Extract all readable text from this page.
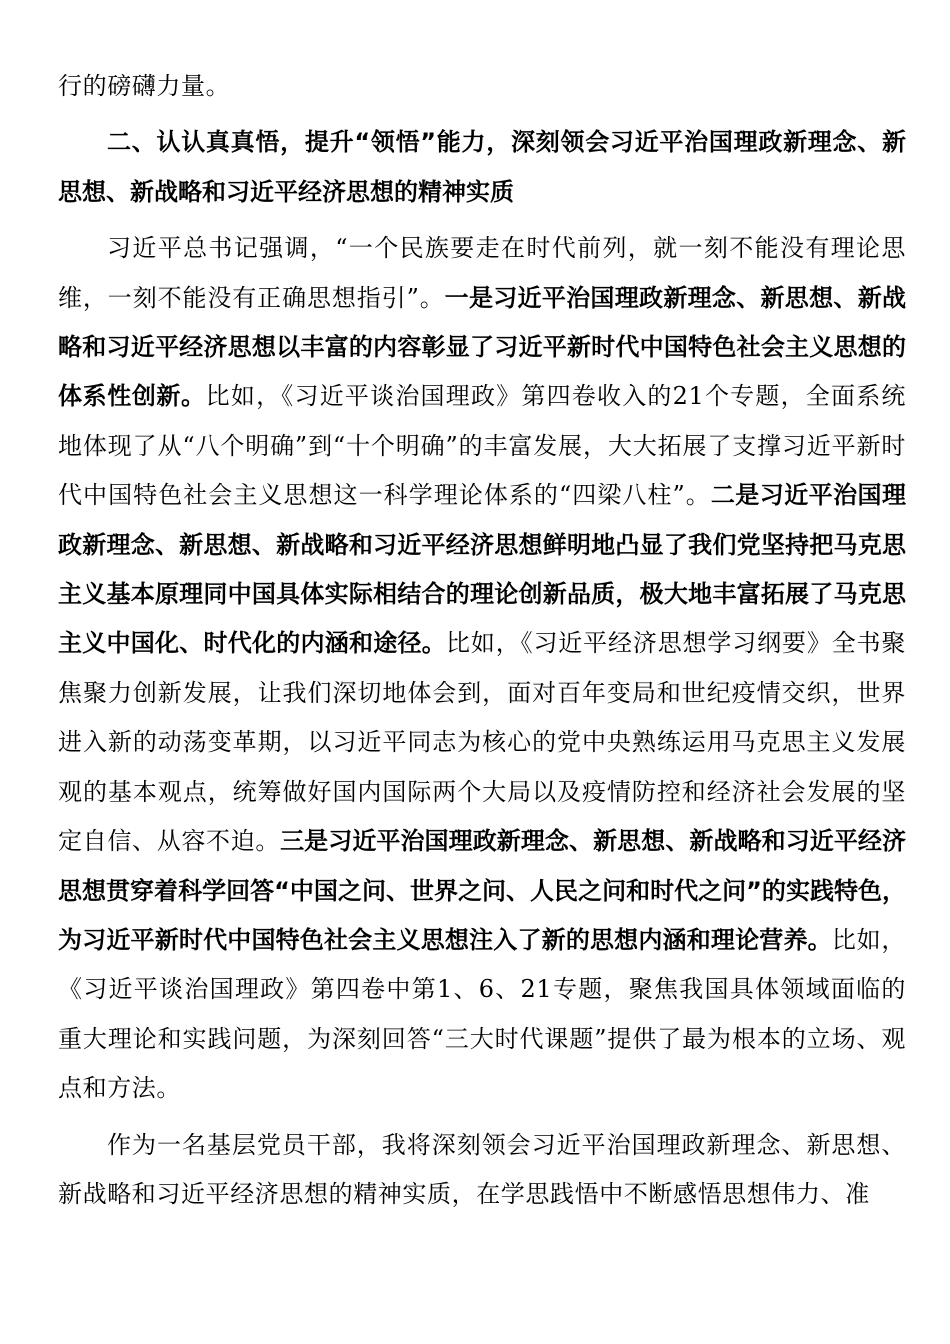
行的磅礴力量。

二、认认真真悟，提升“领悟”能力，深刻领会习近平治国理政新理念、新思想、新战略和习近平经济思想的精神实质

习近平总书记强调，“一个民族要走在时代前列，就一刻不能没有理论思维，一刻不能没有正确思想指引”。一是习近平治国理政新理念、新思想、新战略和习近平经济思想以丰富的内容彰显了习近平新时代中国特色社会主义思想的体系性创新。比如，《习近平谈治国理政》第四卷收入的21个专题，全面系统地体现了从“八个明确”到“十个明确”的丰富发展，大大拓展了支撑习近平新时代中国特色社会主义思想这一科学理论体系的“四梁八柱”。二是习近平治国理政新理念、新思想、新战略和习近平经济思想鲜明地凸显了我们党坚持把马克思主义基本原理同中国具体实际相结合的理论创新品质，极大地丰富拓展了马克思主义中国化、时代化的内涵和途径。比如，《习近平经济思想学习纲要》全书聚焦聚力创新发展，让我们深切地体会到，面对百年变局和世纪疫情交织，世界进入新的动荡变革期，以习近平同志为核心的党中央熟练运用马克思主义发展观的基本观点，统筹做好国内国际两个大局以及疫情防控和经济社会发展的坚定自信、从容不迫。三是习近平治国理政新理念、新思想、新战略和习近平经济思想贯穿着科学回答“中国之问、世界之问、人民之问和时代之问”的实践特色，为习近平新时代中国特色社会主义思想注入了新的思想内涵和理论营养。比如，《习近平谈治国理政》第四卷中第1、6、21专题，聚焦我国具体领域面临的重大理论和实践问题，为深刻回答“三大时代课题”提供了最为根本的立场、观点和方法。

作为一名基层党员干部，我将深刻领会习近平治国理政新理念、新思想、新战略和习近平经济思想的精神实质，在学思践悟中不断感悟思想伟力、准
